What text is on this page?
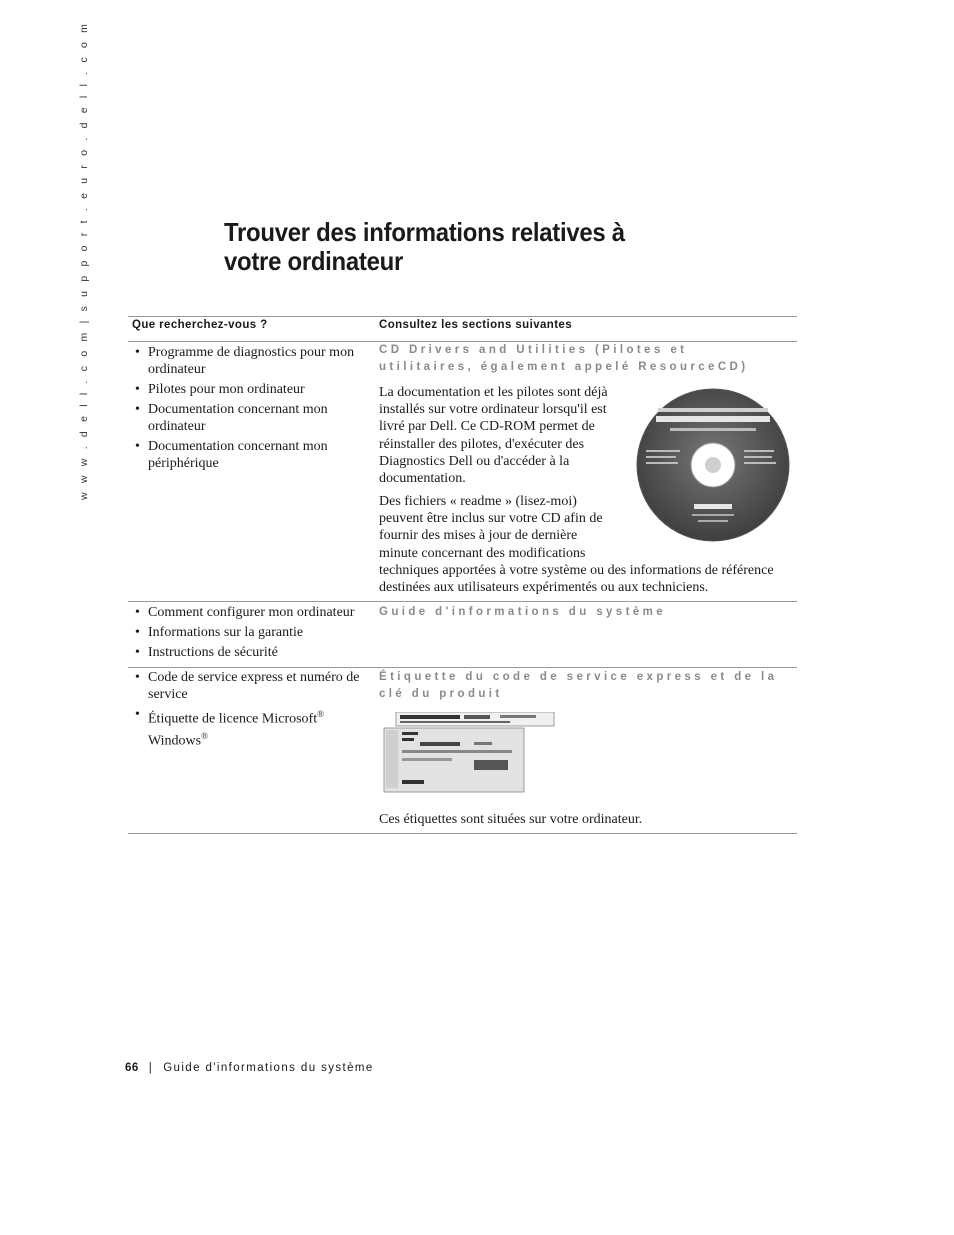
w w w . d e l l . c o m | s u p p o r t . e u r o . d e l l . c o m	Trouver des informations relatives à
votre ordinateur
Que recherchez-vous ?	Consultez les sections suivantes
• Programme de diagnostics pour mon ordinateur
• Pilotes pour mon ordinateur
• Documentation concernant mon ordinateur
• Documentation concernant mon périphérique
CD Drivers and Utilities (Pilotes et utilitaires, également appelé ResourceCD)

La documentation et les pilotes sont déjà installés sur votre ordinateur lorsqu'il est livré par Dell. Ce CD-ROM permet de réinstaller des pilotes, d'exécuter des Diagnostics Dell ou d'accéder à la documentation.

Des fichiers « readme » (lisez-moi) peuvent être inclus sur votre CD afin de fournir des mises à jour de dernière minute concernant des modifications techniques apportées à votre système ou des informations de référence destinées aux utilisateurs expérimentés ou aux techniciens.
• Comment configurer mon ordinateur
• Informations sur la garantie
• Instructions de sécurité
Guide d'informations du système
• Code de service express et numéro de service
• Étiquette de licence Microsoft®
Windows®
Étiquette du code de service express et de la clé du produit

Ces étiquettes sont situées sur votre ordinateur.

66 | Guide d'informations du système
